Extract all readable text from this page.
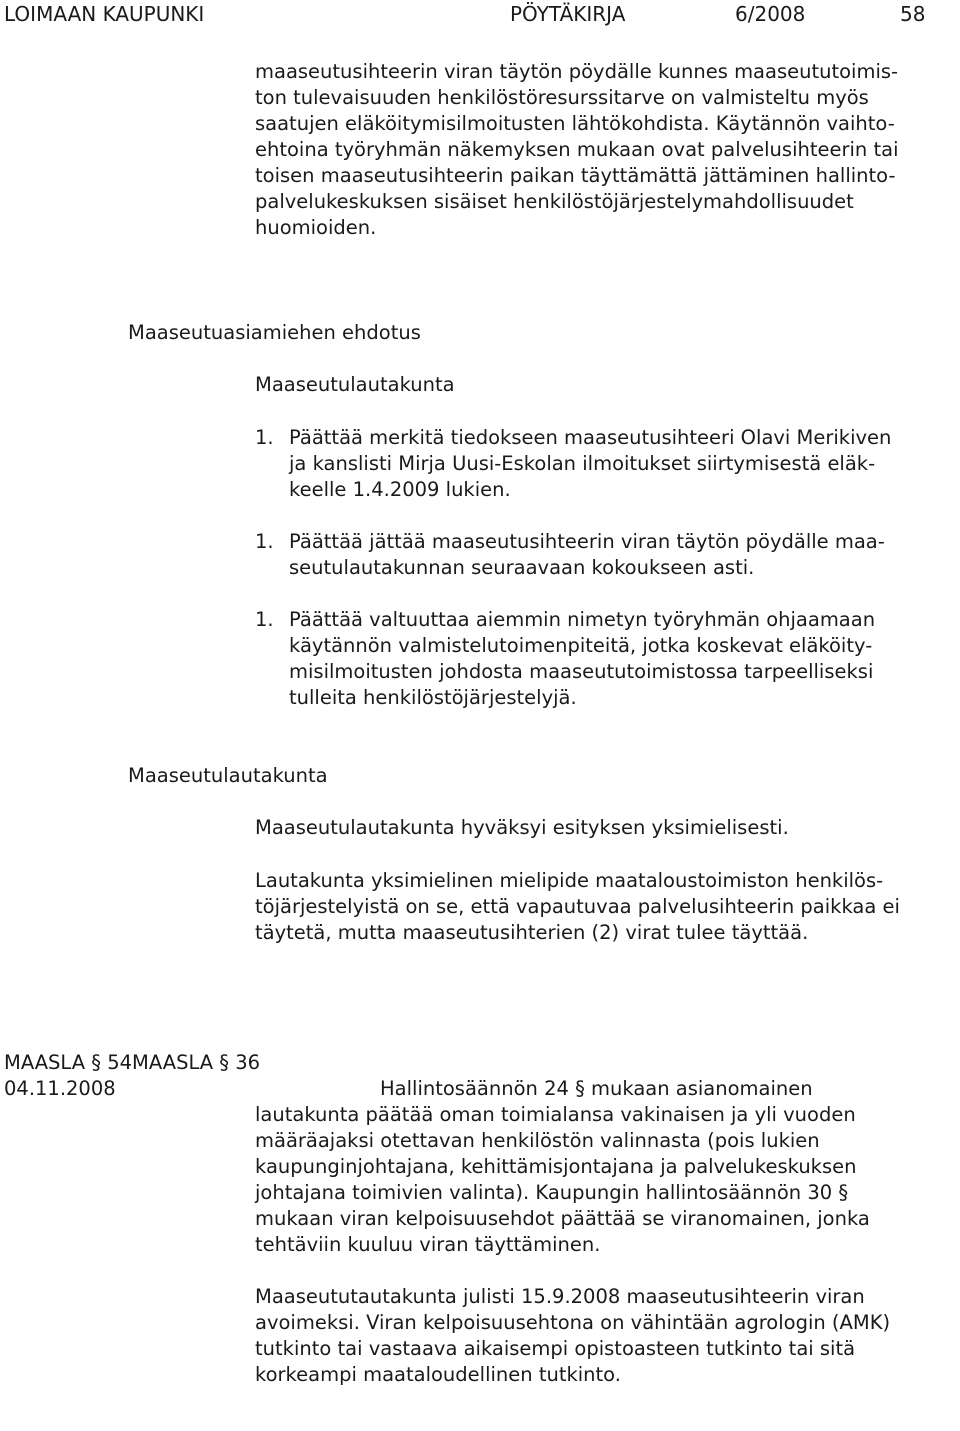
LOIMAAN KAUPUNKI	PÖYTÄKIRJA	6/2008	58
maaseutusihteerin viran täytön pöydälle kunnes maaseututoimis-
ton tulevaisuuden henkilöstöresurssitarve on valmisteltu myös
saatujen eläköitymisilmoitusten lähtökohdista. Käytännön vaihto-
ehtoina työryhmän näkemyksen mukaan ovat palvelusihteerin tai
toisen maaseutusihteerin paikan täyttämättä jättäminen hallinto-
palvelukeskuksen sisäiset henkilöstöjärjestelymahdollisuudet
huomioiden.
Maaseutuasiamiehen ehdotus
Maaseutulautakunta
1. Päättää merkitä tiedokseen maaseutusihteeri Olavi Merikiven
ja kanslisti Mirja Uusi-Eskolan ilmoitukset siirtymisestä eläk-
keelle 1.4.2009 lukien.
1. Päättää jättää maaseutusihteerin viran täytön pöydälle maa-
seutulautakunnan seuraavaan kokoukseen asti.
1. Päättää valtuuttaa aiemmin nimetyn työryhmän ohjaamaan
käytännön valmistelutoimenpiteitä, jotka koskevat eläköity-
misilmoitusten johdosta maaseututoimistossa tarpeelliseksi
tulleita henkilöstöjärjestelyjä.
Maaseutulautakunta
Maaseutulautakunta hyväksyi esityksen yksimielisesti.
Lautakunta yksimielinen mielipide maataloustoimiston henkilös-
töjärjestelyistä on se, että vapautuvaa palvelusihteerin paikkaa ei
täytetä, mutta maaseutusihterien (2) virat tulee täyttää.
MAASLA § 54MAASLA § 36
04.11.2008	Hallintosäännön 24 § mukaan asianomainen
lautakunta päätää oman toimialansa vakinaisen ja yli vuoden
määräajaksi otettavan henkilöstön valinnasta (pois lukien
kaupunginjohtajana, kehittämisjontajana ja palvelukeskuksen
johtajana toimivien valinta). Kaupungin hallintosäännön 30 §
mukaan viran kelpoisuusehdot päättää se viranomainen, jonka
tehtäviin kuuluu viran täyttäminen.
Maaseututautakunta julisti 15.9.2008 maaseutusihteerin viran
avoimeksi. Viran kelpoisuusehtona on vähintään agrologin (AMK)
tutkinto tai vastaava aikaisempi opistoasteen tutkinto tai sitä
korkeampi maataloudellinen tutkinto.
